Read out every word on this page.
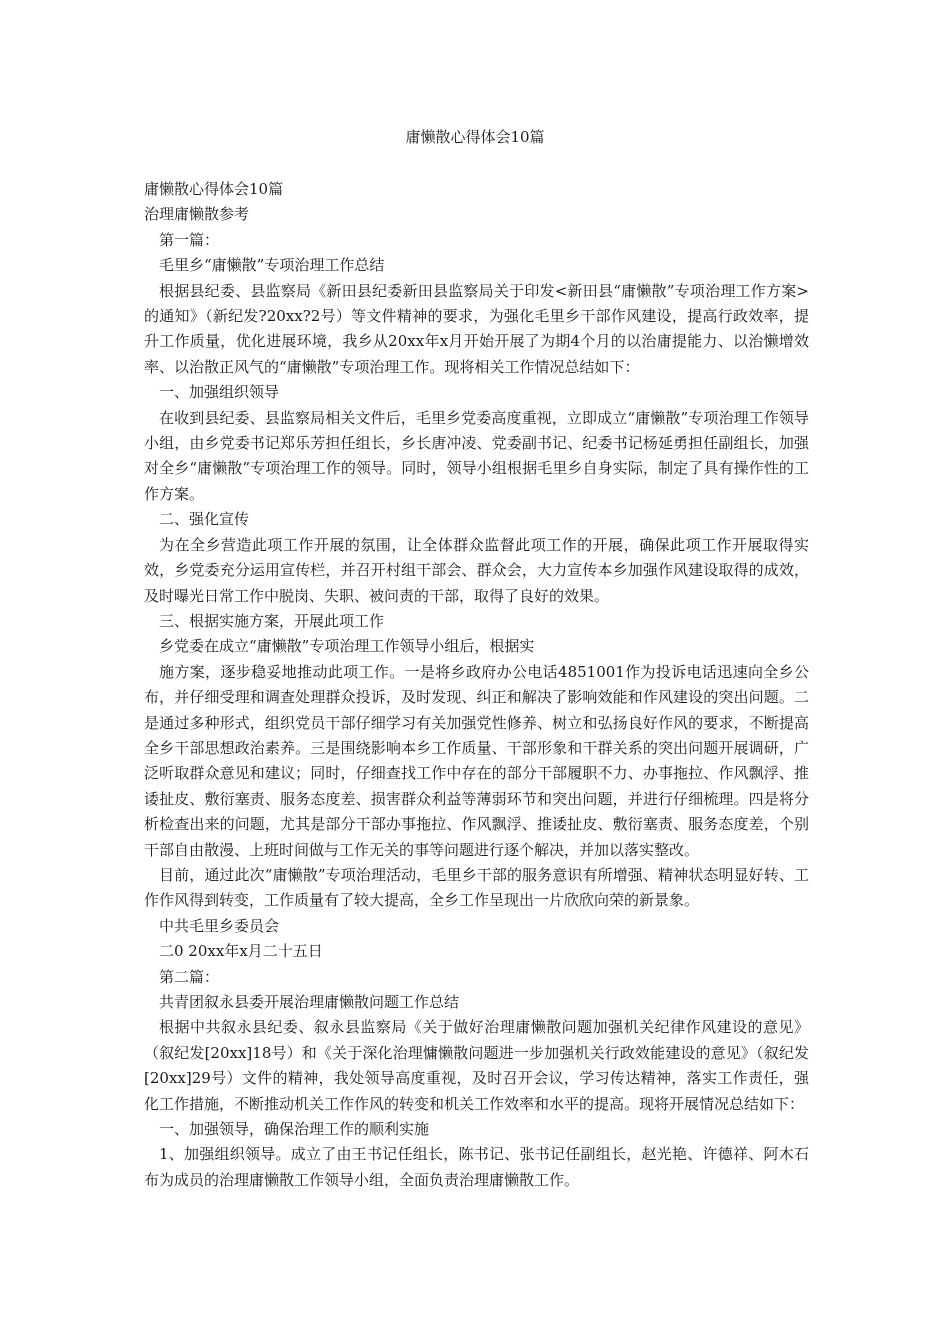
庸懒散心得体会10篇

庸懒散心得体会10篇

治理庸懒散参考

第一篇：

毛里乡“庸懒散”专项治理工作总结

根据县纪委、县监察局《新田县纪委新田县监察局关于印发<新田县“庸懒散”专项治理工作方案>的通知》（新纪发?20xx?2号）等文件精神的要求，为强化毛里乡干部作风建设，提高行政效率，提升工作质量，优化进展环境，我乡从20xx年x月开始开展了为期4个月的以治庸提能力、以治懒增效率、以治散正风气的“庸懒散”专项治理工作。现将相关工作情况总结如下：

一、加强组织领导

在收到县纪委、县监察局相关文件后，毛里乡党委高度重视，立即成立“庸懒散”专项治理工作领导小组，由乡党委书记郑乐芳担任组长，乡长唐冲凌、党委副书记、纪委书记杨延勇担任副组长，加强对全乡“庸懒散”专项治理工作的领导。同时，领导小组根据毛里乡自身实际，制定了具有操作性的工作方案。

二、强化宣传

为在全乡营造此项工作开展的氛围，让全体群众监督此项工作的开展，确保此项工作开展取得实效，乡党委充分运用宣传栏，并召开村组干部会、群众会，大力宣传本乡加强作风建设取得的成效，及时曝光日常工作中脱岗、失职、被问责的干部，取得了良好的效果。

三、根据实施方案，开展此项工作

乡党委在成立“庸懒散”专项治理工作领导小组后，根据实

施方案，逐步稳妥地推动此项工作。一是将乡政府办公电话4851001作为投诉电话迅速向全乡公布，并仔细受理和调查处理群众投诉，及时发现、纠正和解决了影响效能和作风建设的突出问题。二是通过多种形式，组织党员干部仔细学习有关加强党性修养、树立和弘扬良好作风的要求，不断提高全乡干部思想政治素养。三是围绕影响本乡工作质量、干部形象和干群关系的突出问题开展调研，广泛听取群众意见和建议；同时，仔细查找工作中存在的部分干部履职不力、办事拖拉、作风飘浮、推诿扯皮、敷衍塞责、服务态度差、损害群众利益等薄弱环节和突出问题，并进行仔细梳理。四是将分析检查出来的问题，尤其是部分干部办事拖拉、作风飘浮、推诿扯皮、敷衍塞责、服务态度差，个别干部自由散漫、上班时间做与工作无关的事等问题进行逐个解决，并加以落实整改。

目前，通过此次“庸懒散”专项治理活动，毛里乡干部的服务意识有所增强、精神状态明显好转、工作作风得到转变，工作质量有了较大提高，全乡工作呈现出一片欣欣向荣的新景象。

中共毛里乡委员会

二0 20xx年x月二十五日

第二篇：

共青团叙永县委开展治理庸懒散问题工作总结

根据中共叙永县纪委、叙永县监察局《关于做好治理庸懒散问题加强机关纪律作风建设的意见》（叙纪发[20xx]18号）和《关于深化治理慵懒散问题进一步加强机关行政效能建设的意见》（叙纪发[20xx]29号）文件的精神，我处领导高度重视，及时召开会议，学习传达精神，落实工作责任，强化工作措施，不断推动机关工作作风的转变和机关工作效率和水平的提高。现将开展情况总结如下：

一、加强领导，确保治理工作的顺利实施

1、加强组织领导。成立了由王书记任组长，陈书记、张书记任副组长，赵光艳、许德祥、阿木石布为成员的治理庸懒散工作领导小组，全面负责治理庸懒散工作。
